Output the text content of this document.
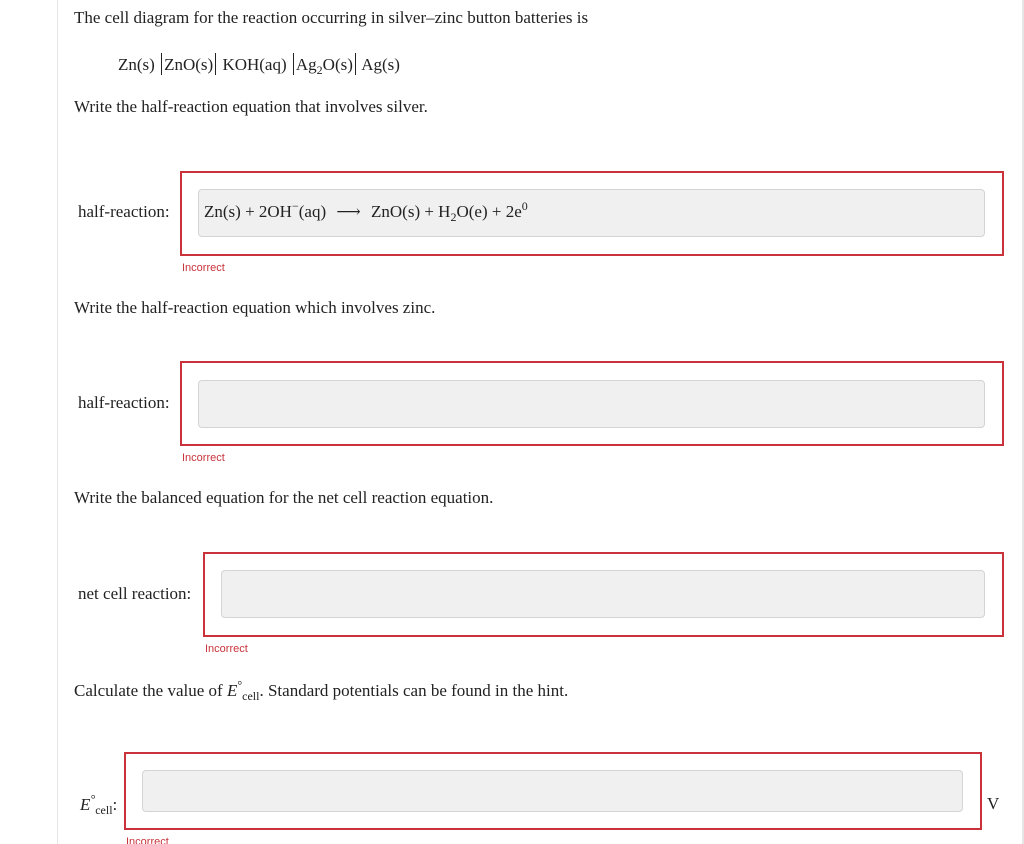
The cell diagram for the reaction occurring in silver–zinc button batteries is
Zn(s) ZnO(s) KOH(aq) $Ag_2O(s)$ Ag(s)
Write the half-reaction equation that involves silver.
half-reaction:	Zn(s) + 2OH−(aq) ⟶ $ZnO(s) + H_2O(e) + 2e^0$
Incorrect
Write the half-reaction equation which involves zinc.
half-reaction:
Incorrect
Write the balanced equation for the net cell reaction equation.
net cell reaction:
Incorrect
Calculate the value of $E^\circ_{cell}$. Standard potentials can be found in the hint.
$E^\circ_{cell}$:	V
Incorrect
